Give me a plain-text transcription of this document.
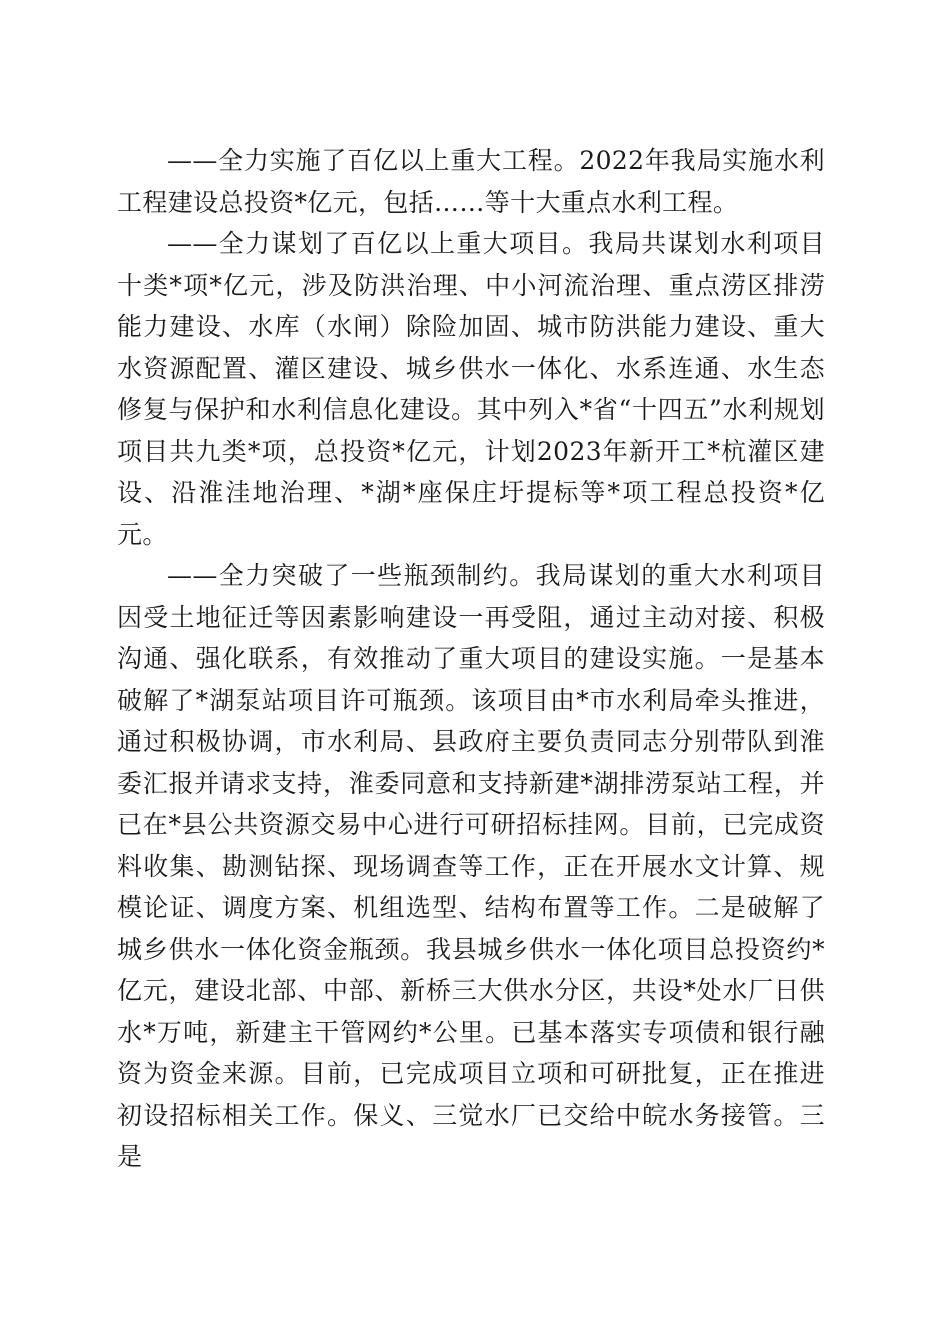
——全力实施了百亿以上重大工程。2022年我局实施水利工程建设总投资*亿元，包括……等十大重点水利工程。

——全力谋划了百亿以上重大项目。我局共谋划水利项目十类*项*亿元，涉及防洪治理、中小河流治理、重点涝区排涝能力建设、水库（水闸）除险加固、城市防洪能力建设、重大水资源配置、灌区建设、城乡供水一体化、水系连通、水生态修复与保护和水利信息化建设。其中列入*省“十四五”水利规划项目共九类*项，总投资*亿元，计划2023年新开工*杭灌区建设、沿淮洼地治理、*湖*座保庄圩提标等*项工程总投资*亿元。

——全力突破了一些瓶颈制约。我局谋划的重大水利项目因受土地征迁等因素影响建设一再受阻，通过主动对接、积极沟通、强化联系，有效推动了重大项目的建设实施。一是基本破解了*湖泵站项目许可瓶颈。该项目由*市水利局牵头推进，通过积极协调，市水利局、县政府主要负责同志分别带队到淮委汇报并请求支持，淮委同意和支持新建*湖排涝泵站工程，并已在*县公共资源交易中心进行可研招标挂网。目前，已完成资料收集、勘测钻探、现场调查等工作，正在开展水文计算、规模论证、调度方案、机组选型、结构布置等工作。二是破解了城乡供水一体化资金瓶颈。我县城乡供水一体化项目总投资约*亿元，建设北部、中部、新桥三大供水分区，共设*处水厂日供水*万吨，新建主干管网约*公里。已基本落实专项债和银行融资为资金来源。目前，已完成项目立项和可研批复，正在推进初设招标相关工作。保义、三觉水厂已交给中皖水务接管。三是
